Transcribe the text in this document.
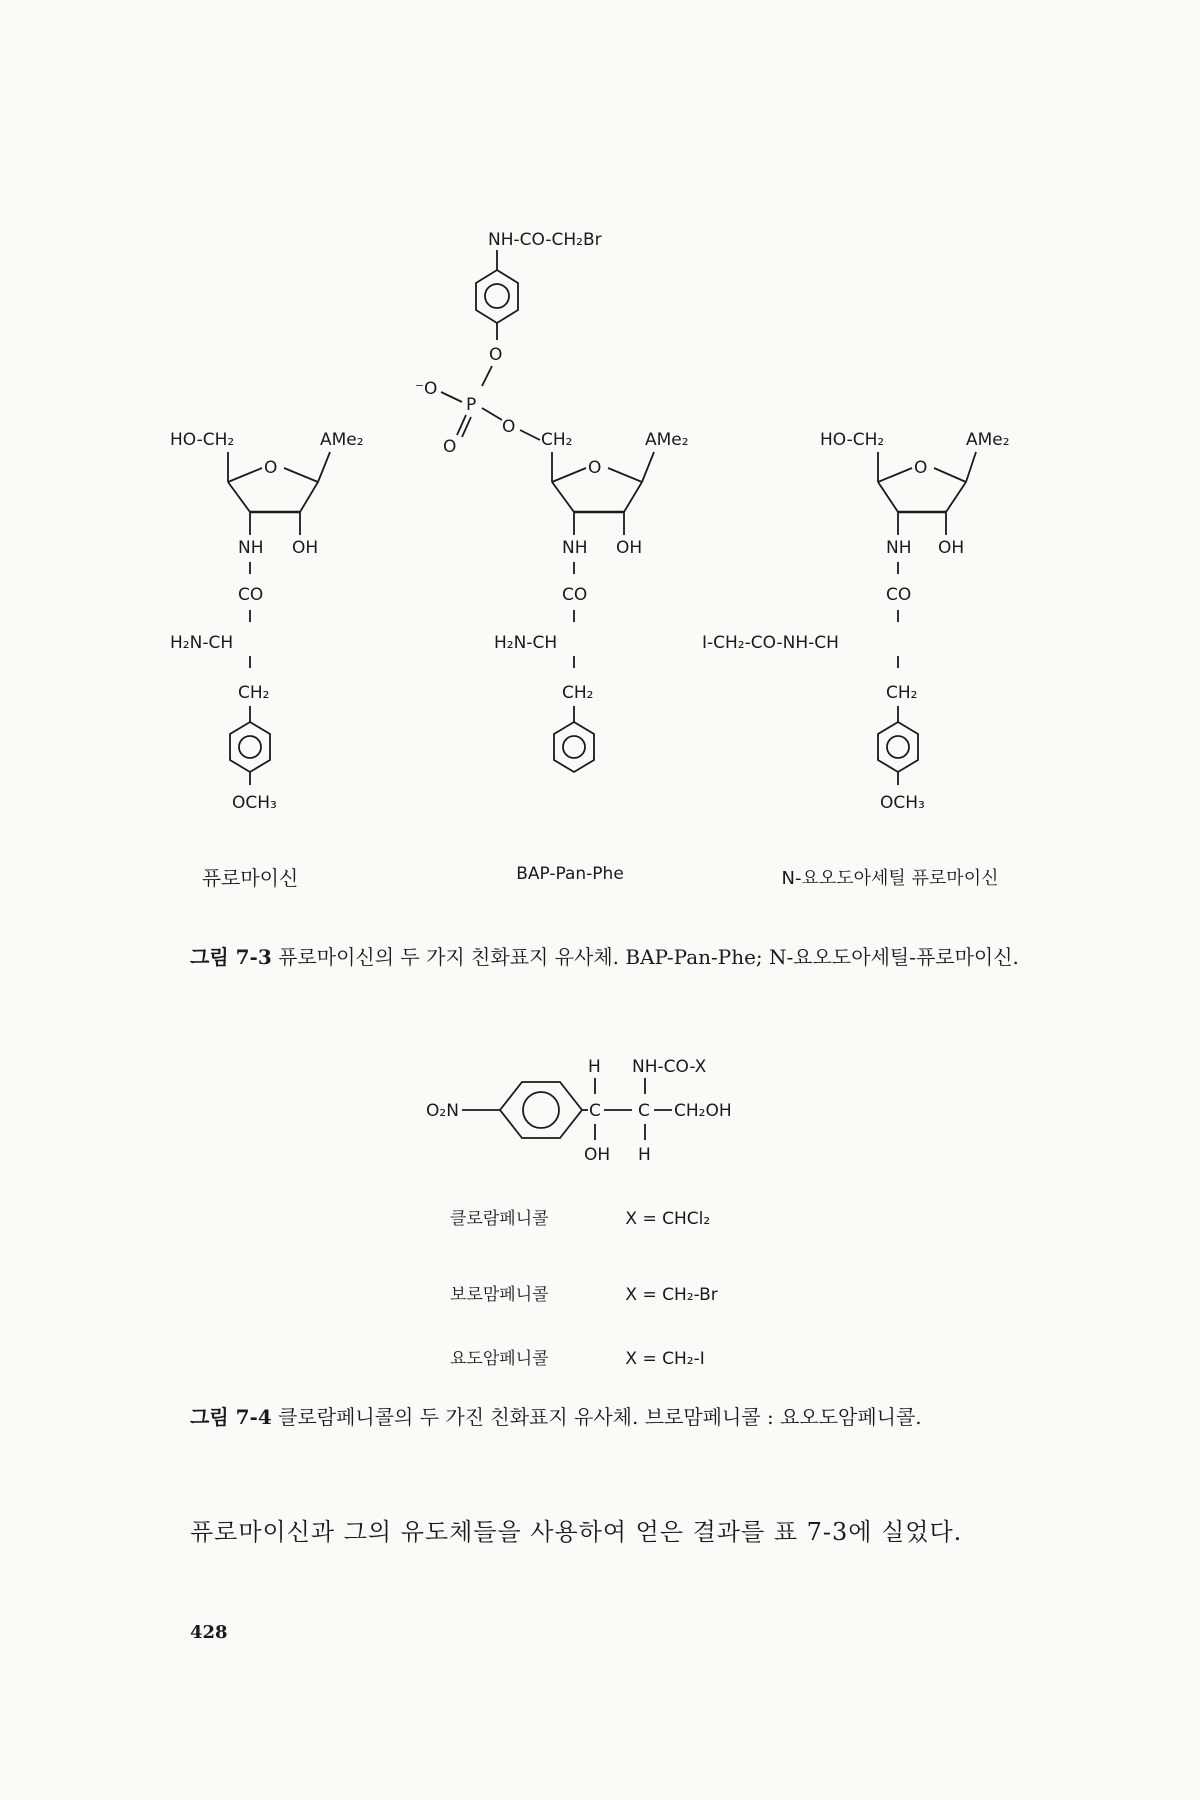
NH-CO-CH₂Br
O
⁻O
P
O
O
HO-CH₂	AMe₂
O
NH OH
CO
H₂N-CH
CH₂
OCH₃
CH₂	AMe₂
O
NH OH
CO
H₂N-CH
CH₂
HO-CH₂	AMe₂
O
NH OH
CO
I-CH₂-CO-NH-CH
CH₂
OCH₃
퓨로마이신	BAP-Pan-Phe	N-요오도아세틸 퓨로마이신
그림 7-3 퓨로마이신의 두 가지 친화표지 유사체. BAP-Pan-Phe; N-요오도아세틸-퓨로마이신.
H NH-CO-X
O₂N	C C CH₂OH
OH H
클로람페니콜	X = CHCl₂
보로맘페니콜	X = CH₂-Br
요도암페니콜	X = CH₂-I
그림 7-4 클로람페니콜의 두 가진 친화표지 유사체. 브로맘페니콜 : 요오도암페니콜.
퓨로마이신과 그의 유도체들을 사용하여 얻은 결과를 표 7-3에 실었다.
428
